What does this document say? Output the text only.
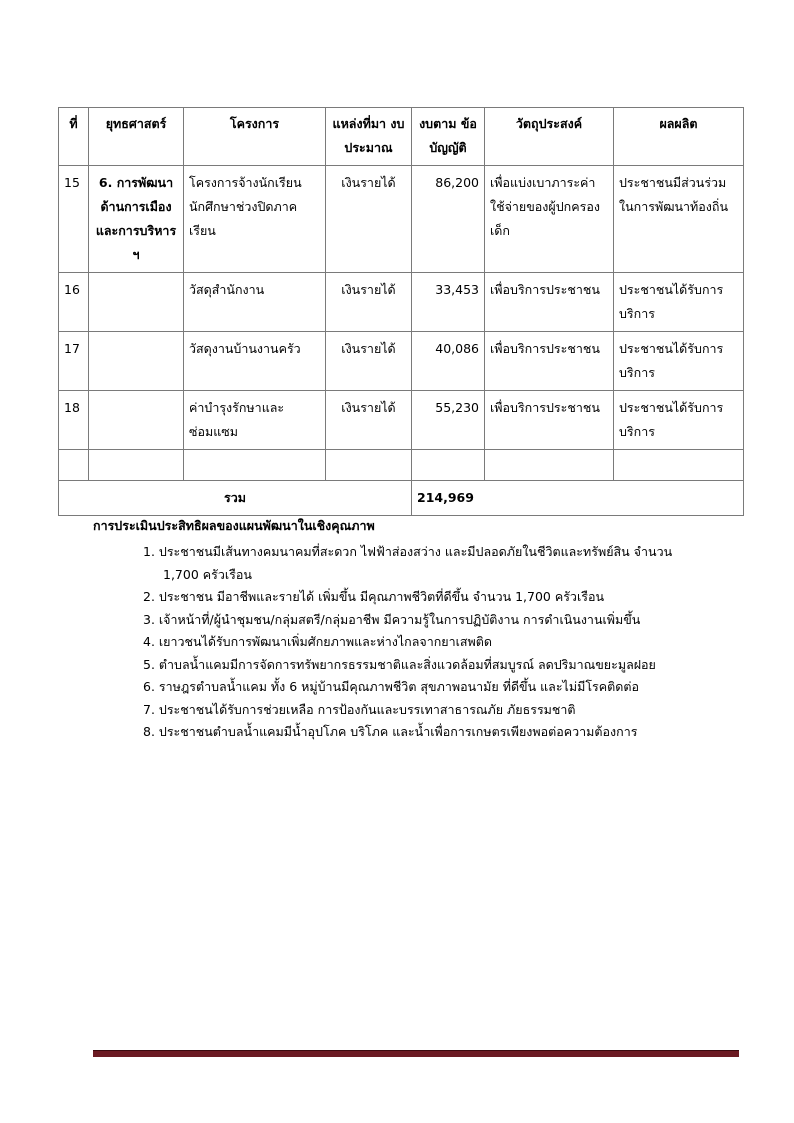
ที่	ยุทธศาสตร์	โครงการ	แหล่งที่มา งบประมาณ	งบตาม ข้อบัญญัติ	วัตถุประสงค์	ผลผลิต
15	6. การพัฒนาด้านการเมืองและการบริหาร ฯ	โครงการจ้างนักเรียนนักศึกษาช่วงปิดภาคเรียน	เงินรายได้	86,200	เพื่อแบ่งเบาภาระค่าใช้จ่ายของผู้ปกครองเด็ก	ประชาชนมีส่วนร่วมในการพัฒนาท้องถิ่น
16		วัสดุสำนักงาน	เงินรายได้	33,453	เพื่อบริการประชาชน	ประชาชนได้รับการบริการ
17		วัสดุงานบ้านงานครัว	เงินรายได้	40,086	เพื่อบริการประชาชน	ประชาชนได้รับการบริการ
18		ค่าบำรุงรักษาและซ่อมแซม	เงินรายได้	55,230	เพื่อบริการประชาชน	ประชาชนได้รับการบริการ

รวม				214,969		
การประเมินประสิทธิผลของแผนพัฒนาในเชิงคุณภาพ
1. ประชาชนมีเส้นทางคมนาคมที่สะดวก ไฟฟ้าส่องสว่าง และมีปลอดภัยในชีวิตและทรัพย์สิน จำนวน
1,700 ครัวเรือน
2. ประชาชน มีอาชีพและรายได้ เพิ่มขึ้น มีคุณภาพชีวิตที่ดีขึ้น จำนวน 1,700 ครัวเรือน
3. เจ้าหน้าที่/ผู้นำชุมชน/กลุ่มสตรี/กลุ่มอาชีพ มีความรู้ในการปฏิบัติงาน การดำเนินงานเพิ่มขึ้น
4. เยาวชนได้รับการพัฒนาเพิ่มศักยภาพและห่างไกลจากยาเสพติด
5. ตำบลน้ำแคมมีการจัดการทรัพยากรธรรมชาติและสิ่งแวดล้อมที่สมบูรณ์ ลดปริมาณขยะมูลฝอย
6. ราษฎรตำบลน้ำแคม ทั้ง 6 หมู่บ้านมีคุณภาพชีวิต สุขภาพอนามัย ที่ดีขึ้น และไม่มีโรคติดต่อ
7. ประชาชนได้รับการช่วยเหลือ การป้องกันและบรรเทาสาธารณภัย ภัยธรรมชาติ
8. ประชาชนตำบลน้ำแคมมีน้ำอุปโภค บริโภค และน้ำเพื่อการเกษตรเพียงพอต่อความต้องการ
